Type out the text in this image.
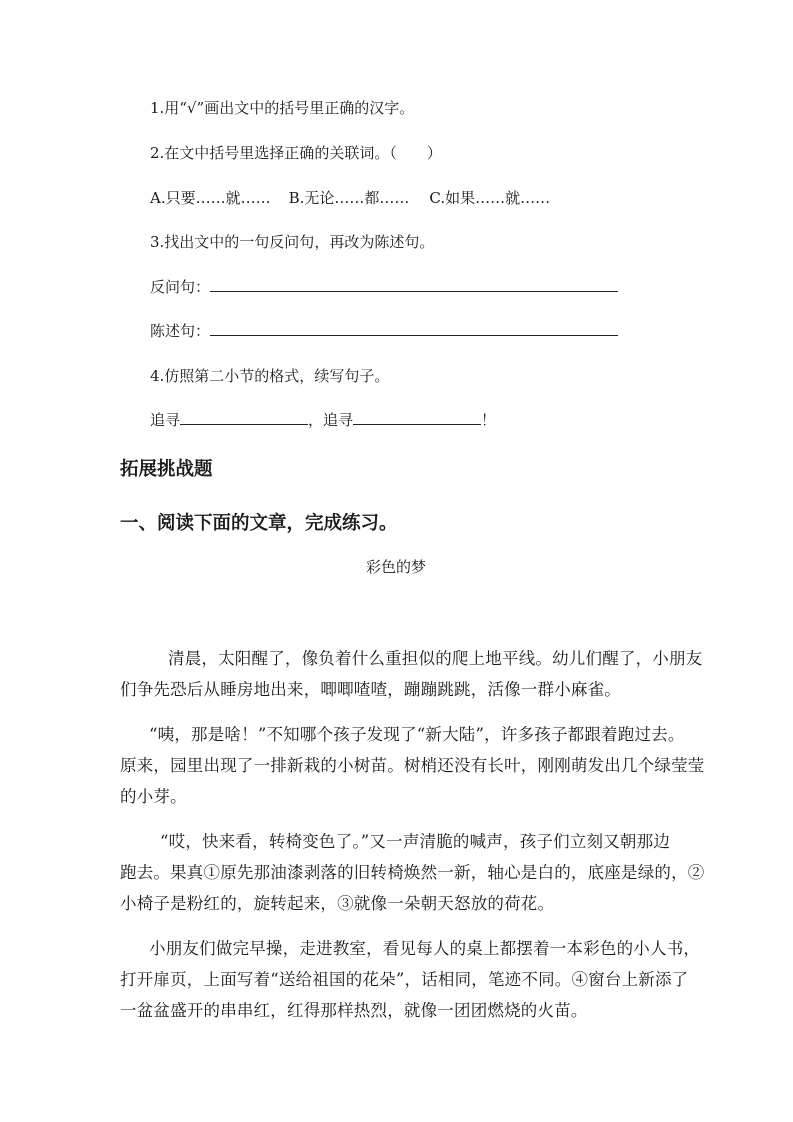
1.用“√”画出文中的括号里正确的汉字。
2.在文中括号里选择正确的关联词。（　　）
A.只要……就…… B.无论……都…… C.如果……就……
3.找出文中的一句反问句，再改为陈述句。
反问句：
陈述句：
4.仿照第二小节的格式，续写句子。
追寻	，追寻	！
拓展挑战题
一、阅读下面的文章，完成练习。
彩色的梦
清晨，太阳醒了，像负着什么重担似的爬上地平线。幼儿们醒了，小朋友
们争先恐后从睡房地出来，唧唧喳喳，蹦蹦跳跳，活像一群小麻雀。
“咦，那是啥！”不知哪个孩子发现了“新大陆”，许多孩子都跟着跑过去。
原来，园里出现了一排新栽的小树苗。树梢还没有长叶，刚刚萌发出几个绿莹莹
的小芽。
“哎，快来看，转椅变色了。”又一声清脆的喊声，孩子们立刻又朝那边
跑去。果真①原先那油漆剥落的旧转椅焕然一新，轴心是白的，底座是绿的，②
小椅子是粉红的，旋转起来，③就像一朵朝天怒放的荷花。
小朋友们做完早操，走进教室，看见每人的桌上都摆着一本彩色的小人书，
打开扉页，上面写着“送给祖国的花朵”，话相同，笔迹不同。④窗台上新添了
一盆盆盛开的串串红，红得那样热烈，就像一团团燃烧的火苗。
